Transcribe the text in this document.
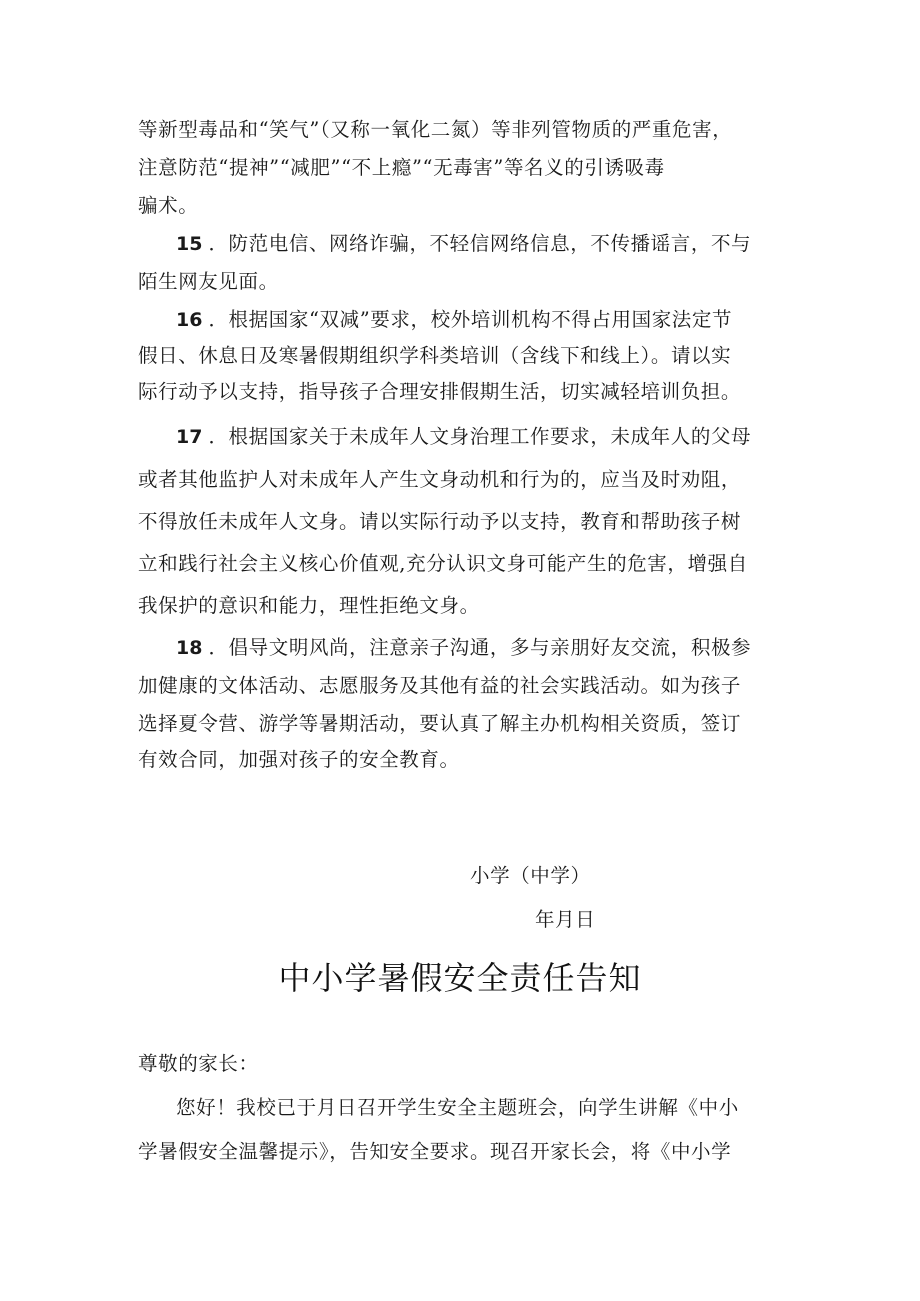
等新型毒品和“笑气”（又称一氧化二氮）等非列管物质的严重危害，
注意防范“提神”“减肥”“不上瘾”“无毒害”等名义的引诱吸毒
骗术。
15 ．防范电信、网络诈骗，不轻信网络信息，不传播谣言，不与
陌生网友见面。
16 ．根据国家“双减”要求，校外培训机构不得占用国家法定节
假日、休息日及寒暑假期组织学科类培训（含线下和线上）。请以实
际行动予以支持，指导孩子合理安排假期生活，切实减轻培训负担。
17 ．根据国家关于未成年人文身治理工作要求，未成年人的父母
或者其他监护人对未成年人产生文身动机和行为的，应当及时劝阻，
不得放任未成年人文身。请以实际行动予以支持，教育和帮助孩子树
立和践行社会主义核心价值观,充分认识文身可能产生的危害，增强自
我保护的意识和能力，理性拒绝文身。
18 ．倡导文明风尚，注意亲子沟通，多与亲朋好友交流，积极参
加健康的文体活动、志愿服务及其他有益的社会实践活动。如为孩子
选择夏令营、游学等暑期活动，要认真了解主办机构相关资质，签订
有效合同，加强对孩子的安全教育。
小学（中学）
年月日
中小学暑假安全责任告知
尊敬的家长：
您好！我校已于月日召开学生安全主题班会，向学生讲解《中小
学暑假安全温馨提示》，告知安全要求。现召开家长会，将《中小学
